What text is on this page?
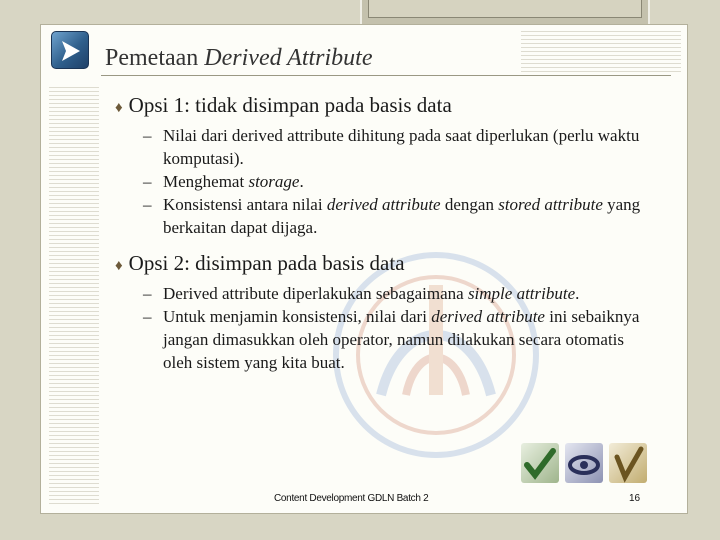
Pemetaan Derived Attribute
♦ Opsi 1: tidak disimpan pada basis data
– Nilai dari derived attribute dihitung pada saat diperlukan (perlu waktu komputasi).
– Menghemat storage.
– Konsistensi antara nilai derived attribute dengan stored attribute yang berkaitan dapat dijaga.
♦ Opsi 2: disimpan pada basis data
– Derived attribute diperlakukan sebagaimana simple attribute.
– Untuk menjamin konsistensi, nilai dari derived attribute ini sebaiknya jangan dimasukkan oleh operator, namun dilakukan secara otomatis oleh sistem yang kita buat.
Content Development GDLN Batch 2	16
